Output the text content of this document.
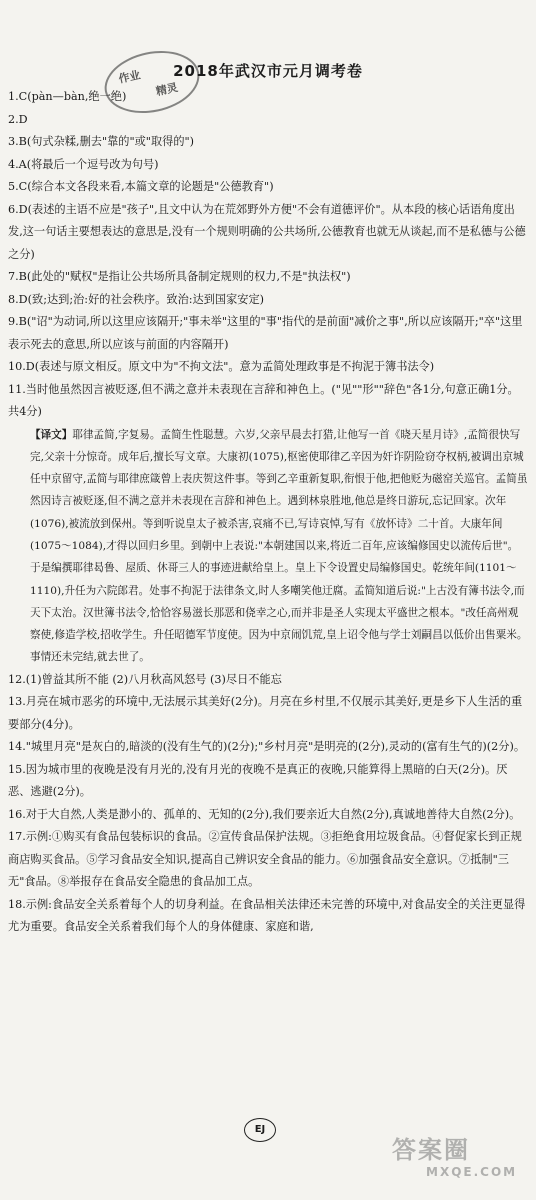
作业
精灵
2018年武汉市元月调考卷
1.C(pàn—bàn,绝一绝)
2.D
3.B(句式杂糅,删去"靠的"或"取得的")
4.A(将最后一个逗号改为句号)
5.C(综合本文各段来看,本篇文章的论题是"公德教育")
6.D(表述的主语不应是"孩子",且文中认为在荒郊野外方便"不会有道德评价"。从本段的核心话语角度出发,这一句话主要想表达的意思是,没有一个规则明确的公共场所,公德教育也就无从谈起,而不是私德与公德之分)
7.B(此处的"赋权"是指让公共场所具备制定规则的权力,不是"执法权")
8.D(致;达到;治:好的社会秩序。致治:达到国家安定)
9.B("诏"为动词,所以这里应该隔开;"事未举"这里的"事"指代的是前面"减价之事",所以应该隔开;"卒"这里表示死去的意思,所以应该与前面的内容隔开)
10.D(表述与原文相反。原文中为"不拘文法"。意为孟简处理政事是不拘泥于簿书法令)
11.当时他虽然因言被贬逐,但不满之意并未表现在言辞和神色上。("见""形""辞色"各1分,句意正确1分。共4分)
【译文】耶律孟简,字复易。孟简生性聪慧。六岁,父亲早晨去打猎,让他写一首《晓天星月诗》,孟简很快写完,父亲十分惊奇。成年后,擅长写文章。大康初(1075),枢密使耶律乙辛因为奸诈阴险窃夺权柄,被调出京城任中京留守,孟简与耶律庶箴曾上表庆贺这件事。等到乙辛重新复职,衔恨于他,把他贬为磁窑关巡官。孟简虽然因诗言被贬逐,但不满之意并未表现在言辞和神色上。遇到林泉胜地,他总是终日游玩,忘记回家。次年(1076),被流放到保州。等到听说皇太子被杀害,哀痛不已,写诗哀悼,写有《放怀诗》二十首。大康年间(1075～1084),才得以回归乡里。到朝中上表说:"本朝建国以来,将近二百年,应该编修国史以流传后世"。于是编撰耶律曷鲁、屋质、休哥三人的事迹进献给皇上。皇上下令设置史局编修国史。乾统年间(1101～1110),升任为六院郎君。处事不拘泥于法律条文,时人多嘲笑他迂腐。孟简知道后说:"上古没有簿书法令,而天下太治。汉世簿书法令,恰恰容易滋长那恶和侥幸之心,而并非是圣人实现太平盛世之根本。"改任高州观察使,修造学校,招收学生。升任昭德军节度使。因为中京闹饥荒,皇上诏令他与学士刘嗣昌以低价出售粟米。事情还未完结,就去世了。
12.(1)曾益其所不能 (2)八月秋高风怒号 (3)尽日不能忘
13.月亮在城市恶劣的环境中,无法展示其美好(2分)。月亮在乡村里,不仅展示其美好,更是乡下人生活的重要部分(4分)。
14."城里月亮"是灰白的,暗淡的(没有生气的)(2分);"乡村月亮"是明亮的(2分),灵动的(富有生气的)(2分)。
15.因为城市里的夜晚是没有月光的,没有月光的夜晚不是真正的夜晚,只能算得上黑暗的白天(2分)。厌恶、逃避(2分)。
16.对于大自然,人类是渺小的、孤单的、无知的(2分),我们要亲近大自然(2分),真诚地善待大自然(2分)。
17.示例:①购买有食品包装标识的食品。②宣传食品保护法规。③拒绝食用垃圾食品。④督促家长到正规商店购买食品。⑤学习食品安全知识,提高自己辨识安全食品的能力。⑥加强食品安全意识。⑦抵制"三无"食品。⑧举报存在食品安全隐患的食品加工点。
18.示例:食品安全关系着每个人的切身利益。在食品相关法律还未完善的环境中,对食品安全的关注更显得尤为重要。食品安全关系着我们每个人的身体健康、家庭和谐,
EJ
答案圈
MXQE.COM
